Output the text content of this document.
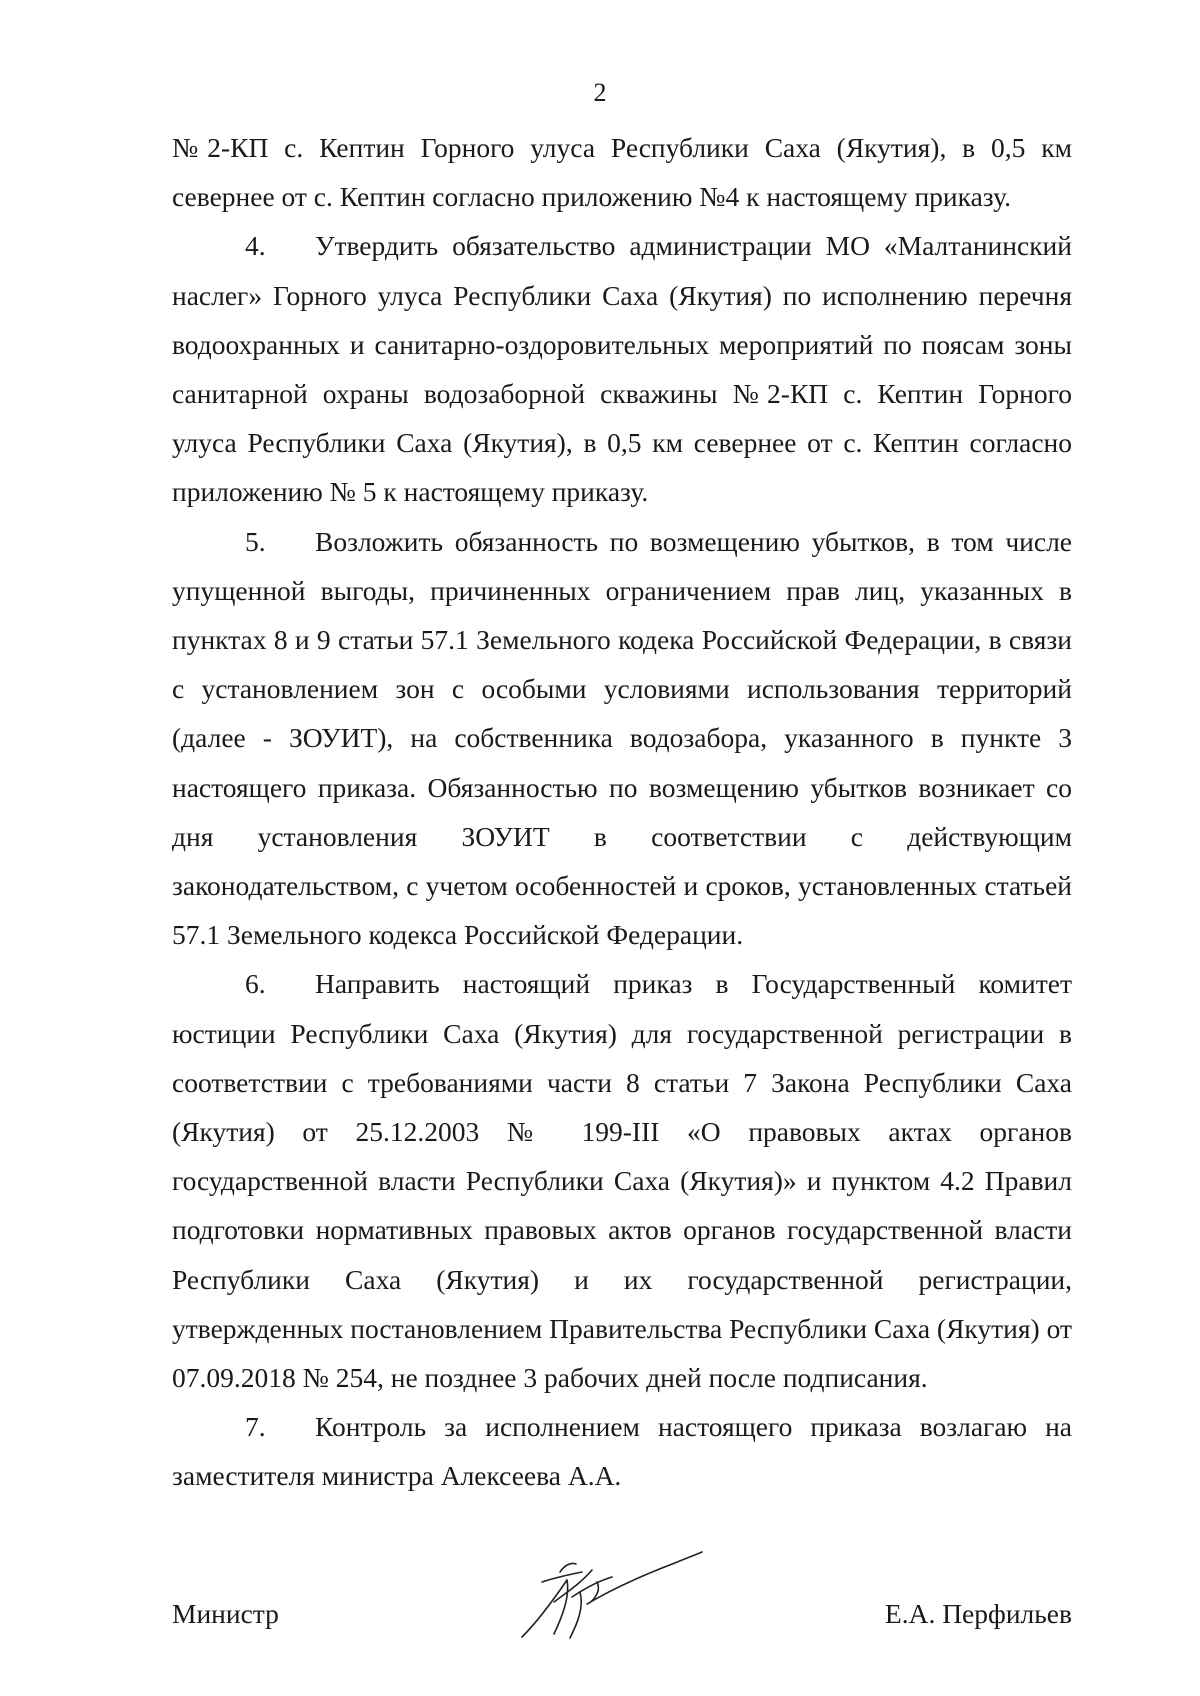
2

№2-КП с. Кептин Горного улуса Республики Саха (Якутия), в 0,5 км севернее от с. Кептин согласно приложению №4 к настоящему приказу.

4. Утвердить обязательство администрации МО «Малтанинский наслег» Горного улуса Республики Саха (Якутия) по исполнению перечня водоохранных и санитарно-оздоровительных мероприятий по поясам зоны санитарной охраны водозаборной скважины №2-КП с. Кептин Горного улуса Республики Саха (Якутия), в 0,5 км севернее от с. Кептин согласно приложению № 5 к настоящему приказу.

5. Возложить обязанность по возмещению убытков, в том числе упущенной выгоды, причиненных ограничением прав лиц, указанных в пунктах 8 и 9 статьи 57.1 Земельного кодека Российской Федерации, в связи с установлением зон с особыми условиями использования территорий (далее - ЗОУИТ), на собственника водозабора, указанного в пункте 3 настоящего приказа. Обязанностью по возмещению убытков возникает со дня установления ЗОУИТ в соответствии с действующим законодательством, с учетом особенностей и сроков, установленных статьей 57.1 Земельного кодекса Российской Федерации.

6. Направить настоящий приказ в Государственный комитет юстиции Республики Саха (Якутия) для государственной регистрации в соответствии с требованиями части 8 статьи 7 Закона Республики Саха (Якутия) от 25.12.2003 № 199-III «О правовых актах органов государственной власти Республики Саха (Якутия)» и пунктом 4.2 Правил подготовки нормативных правовых актов органов государственной власти Республики Саха (Якутия) и их государственной регистрации, утвержденных постановлением Правительства Республики Саха (Якутия) от 07.09.2018 № 254, не позднее 3 рабочих дней после подписания.

7. Контроль за исполнением настоящего приказа возлагаю на заместителя министра Алексеева А.А.

Министр	Е.А. Перфильев
